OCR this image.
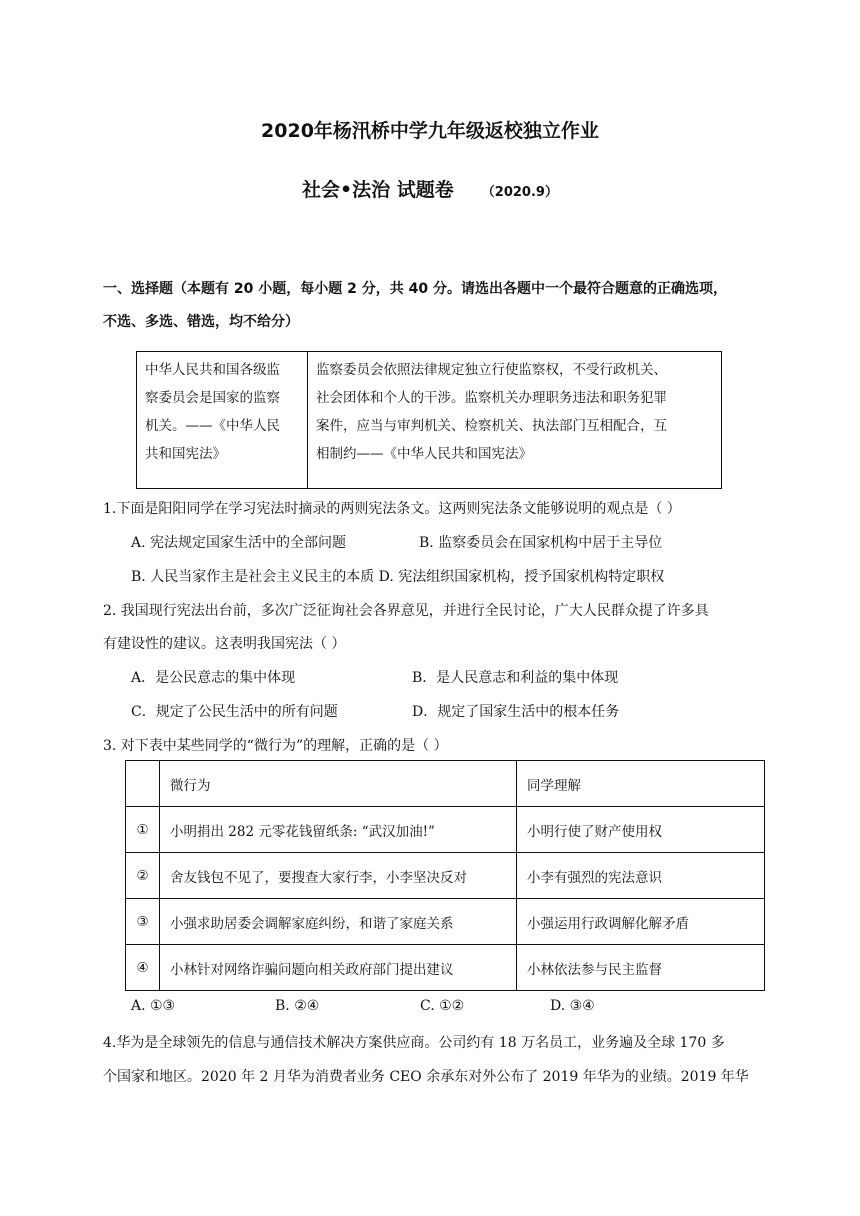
2020年杨汛桥中学九年级返校独立作业
社会•法治 试题卷 （2020.9）
一、选择题（本题有 20 小题，每小题 2 分，共 40 分。请选出各题中一个最符合题意的正确选项，
不选、多选、错选，均不给分）
中华人民共和国各级监
察委员会是国家的监察
机关。——《中华人民
共和国宪法》

监察委员会依照法律规定独立行使监察权，不受行政机关、
社会团体和个人的干涉。监察机关办理职务违法和职务犯罪
案件，应当与审判机关、检察机关、执法部门互相配合，互
相制约——《中华人民共和国宪法》
1.下面是阳阳同学在学习宪法时摘录的两则宪法条文。这两则宪法条文能够说明的观点是（ ）
A. 宪法规定国家生活中的全部问题	B. 监察委员会在国家机构中居于主导位
B. 人民当家作主是社会主义民主的本质 D. 宪法组织国家机构，授予国家机构特定职权
2. 我国现行宪法出台前，多次广泛征询社会各界意见，并进行全民讨论，广大人民群众提了许多具
有建设性的建议。这表明我国宪法（ ）
A．是公民意志的集中体现	B．是人民意志和利益的集中体现
C．规定了公民生活中的所有问题	D．规定了国家生活中的根本任务
3. 对下表中某些同学的“微行为”的理解，正确的是（ ）
	微行为	同学理解
①	小明捐出 282 元零花钱留纸条: “武汉加油!”	小明行使了财产使用权
②	舍友钱包不见了，要搜查大家行李，小李坚决反对	小李有强烈的宪法意识
③	小强求助居委会调解家庭纠纷，和谐了家庭关系	小强运用行政调解化解矛盾
④	小林针对网络诈骗问题向相关政府部门提出建议	小林依法参与民主监督
A. ①③	B. ②④	C. ①②	D. ③④
4.华为是全球领先的信息与通信技术解决方案供应商。公司约有 18 万名员工，业务遍及全球 170 多
个国家和地区。2020 年 2 月华为消费者业务 CEO 余承东对外公布了 2019 年华为的业绩。2019 年华
